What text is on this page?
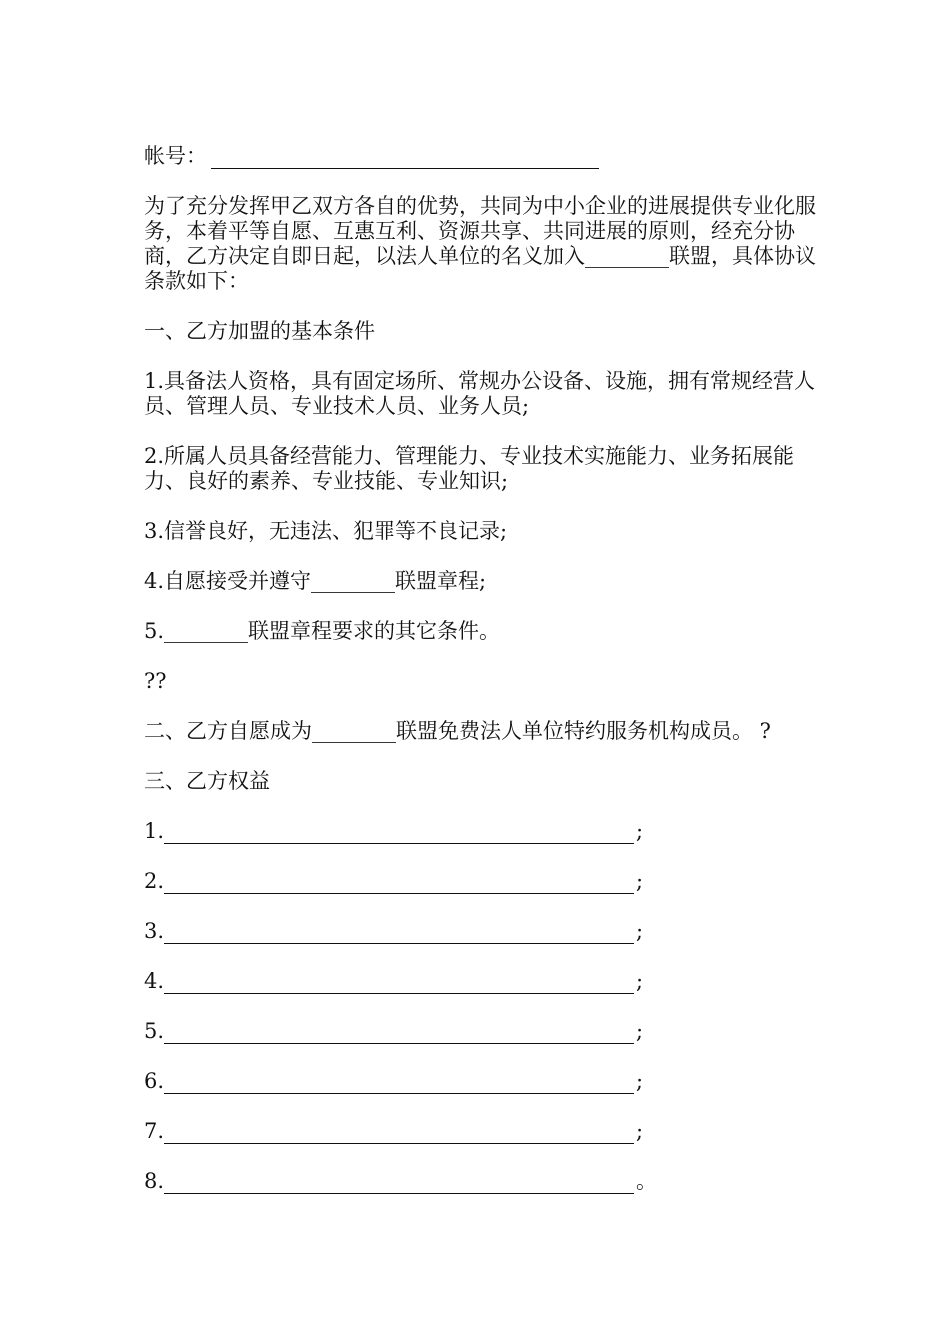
帐号：

为了充分发挥甲乙双方各自的优势，共同为中小企业的进展提供专业化服务，本着平等自愿、互惠互利、资源共享、共同进展的原则，经充分协商，乙方决定自即日起，以法人单位的名义加入________联盟，具体协议条款如下：

一、乙方加盟的基本条件

1.具备法人资格，具有固定场所、常规办公设备、设施，拥有常规经营人员、管理人员、专业技术人员、业务人员;

2.所属人员具备经营能力、管理能力、专业技术实施能力、业务拓展能力、良好的素养、专业技能、专业知识;

3.信誉良好，无违法、犯罪等不良记录;

4.自愿接受并遵守________联盟章程;

5.________联盟章程要求的其它条件。

??

二、乙方自愿成为________联盟免费法人单位特约服务机构成员。 ?

三、乙方权益

1.	;
2.	;
3.	;
4.	;
5.	;
6.	;
7.	;
8.	。
